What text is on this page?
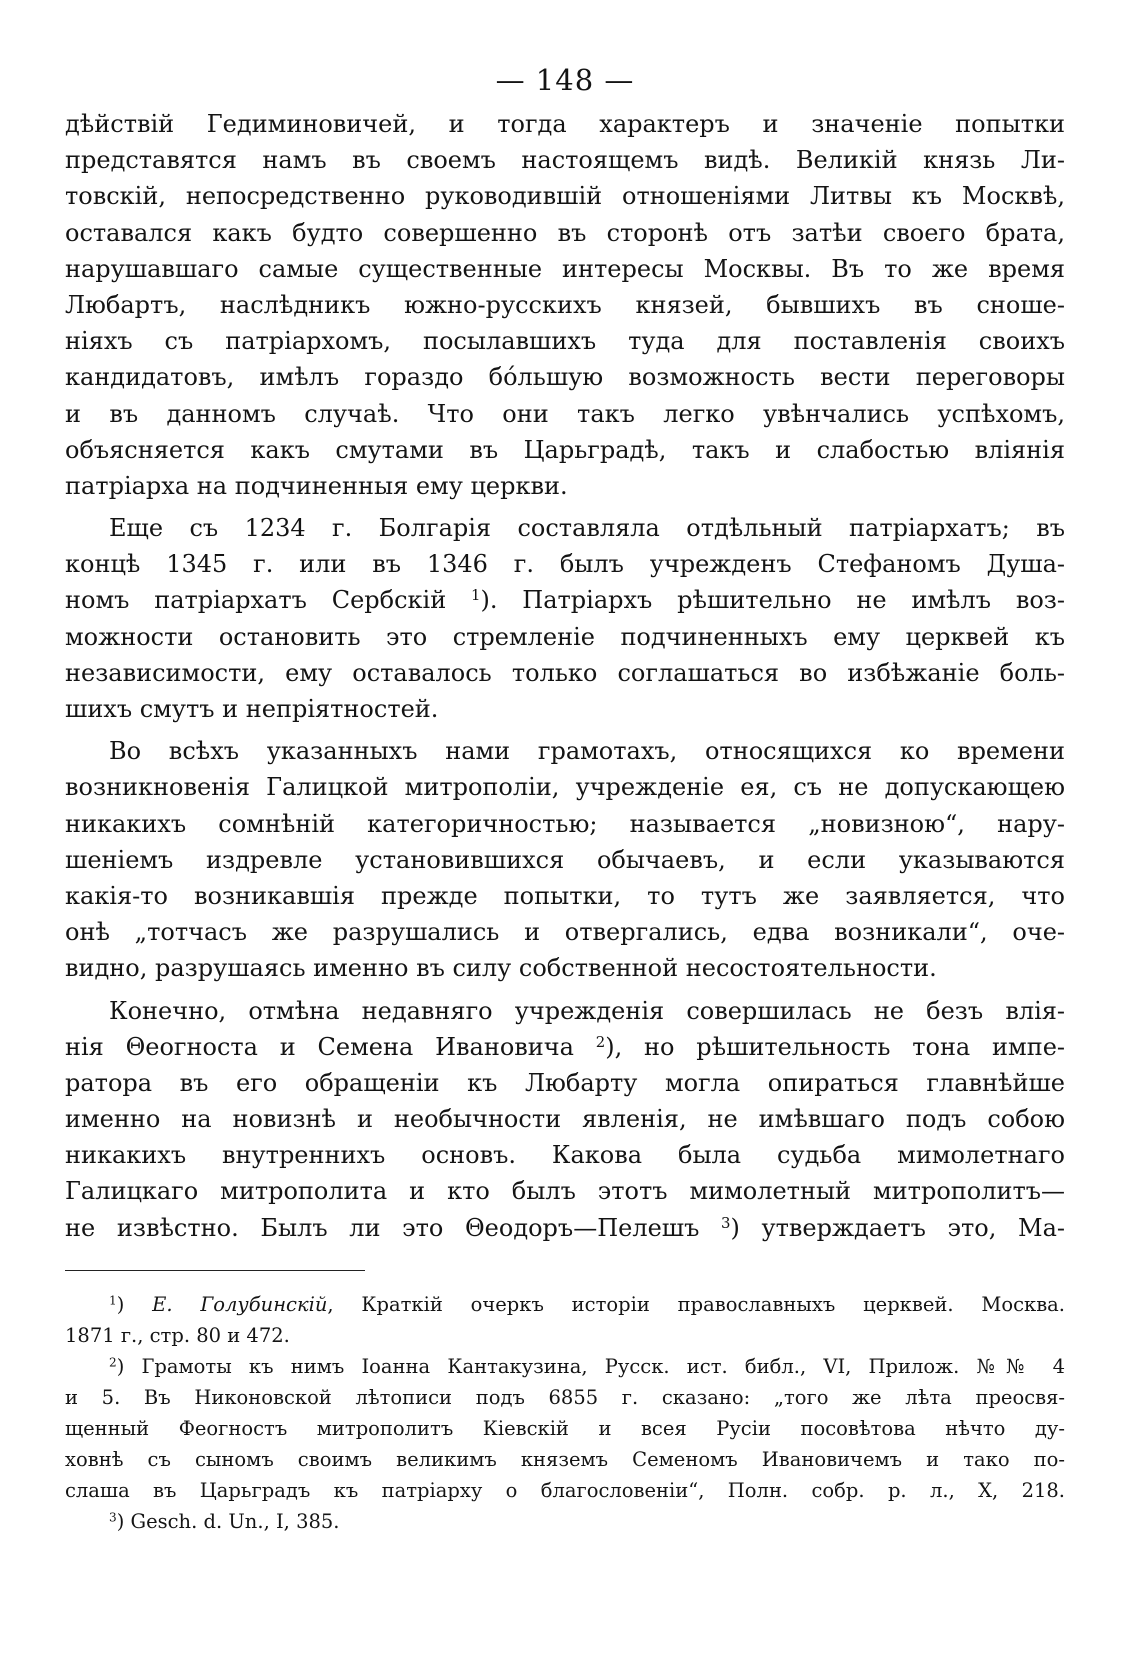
— 148 —
дѣйствій Гедиминовичей, и тогда характеръ и значеніе попытки
представятся намъ въ своемъ настоящемъ видѣ. Великій князь Ли-
товскій, непосредственно руководившій отношеніями Литвы къ Москвѣ,
оставался какъ будто совершенно въ сторонѣ отъ затѣи своего брата,
нарушавшаго самые существенные интересы Москвы. Въ то же время
Любартъ, наслѣдникъ южно-русскихъ князей, бывшихъ въ сноше-
ніяхъ съ патріархомъ, посылавшихъ туда для поставленія своихъ
кандидатовъ, имѣлъ гораздо бóльшую возможность вести переговоры
и въ данномъ случаѣ. Что они такъ легко увѣнчались успѣхомъ,
объясняется какъ смутами въ Царьградѣ, такъ и слабостью вліянія
патріарха на подчиненныя ему церкви.
Еще съ 1234 г. Болгарія составляла отдѣльный патріархатъ; въ
концѣ 1345 г. или въ 1346 г. былъ учрежденъ Стефаномъ Душа-
номъ патріархатъ Сербскій $^1$). Патріархъ рѣшительно не имѣлъ воз-
можности остановить это стремленіе подчиненныхъ ему церквей къ
независимости, ему оставалось только соглашаться во избѣжаніе боль-
шихъ смутъ и непріятностей.
Во всѣхъ указанныхъ нами грамотахъ, относящихся ко времени
возникновенія Галицкой митрополіи, учрежденіе ея, съ не допускающею
никакихъ сомнѣній категоричностью; называется „новизною“, нару-
шеніемъ издревле установившихся обычаевъ, и если указываются
какія-то возникавшія прежде попытки, то тутъ же заявляется, что
онѣ „тотчасъ же разрушались и отвергались, едва возникали“, оче-
видно, разрушаясь именно въ силу собственной несостоятельности.
Конечно, отмѣна недавняго учрежденія совершилась не безъ влія-
нія Θеогноста и Семена Ивановича $^2$), но рѣшительность тона импе-
ратора въ его обращеніи къ Любарту могла опираться главнѣйше
именно на новизнѣ и необычности явленія, не имѣвшаго подъ собою
никакихъ внутреннихъ основъ. Какова была судьба мимолетнаго
Галицкаго митрополита и кто былъ этотъ мимолетный митрополитъ—
не извѣстно. Былъ ли это Θеодоръ—Пелешъ $^3$) утверждаетъ это, Ма-
$^1$) Е. Голубинскій, Краткій очеркъ исторіи православныхъ церквей. Москва.
1871 г., стр. 80 и 472.
$^2$) Грамоты къ нимъ Іоанна Кантакузина, Русск. ист. библ., VI, Прилож. №№ 4
и 5. Въ Никоновской лѣтописи подъ 6855 г. сказано: „того же лѣта преосвя-
щенный Феогностъ митрополитъ Кіевскій и всея Русіи посовѣтова нѣчто ду-
ховнѣ съ сыномъ своимъ великимъ княземъ Семеномъ Ивановичемъ и тако по-
слаша въ Царьградъ къ патріарху о благословеніи“, Полн. собр. р. л., X, 218.
$^3$) Gesch. d. Un., I, 385.
